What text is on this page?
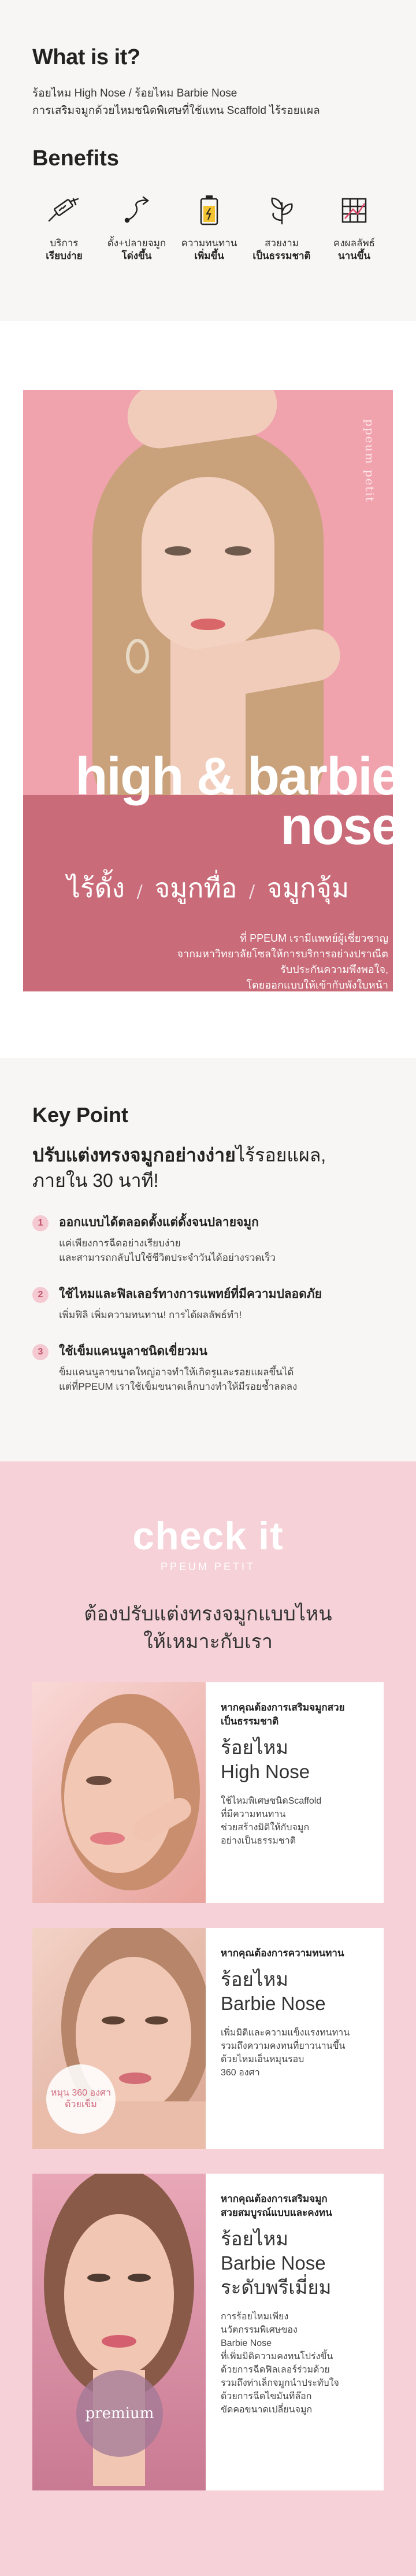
What is it?

ร้อยไหม High Nose / ร้อยไหม Barbie Nose
การเสริมจมูกด้วยไหมชนิดพิเศษที่ใช้แทน Scaffold ไร้รอยแผล

Benefits
บริการ
เรียบง่าย
ดั้ง+ปลายจมูก
โด่งขึ้น
ความทนทาน
เพิ่มขึ้น
สวยงาม
เป็นธรรมชาติ
คงผลลัพธ์
นานขึ้น
ppeum petit
high & barbie
nose
ไร้ดั้ง / จมูกทื่อ / จมูกจุ้ม
ที่ PPEUM เรามีแพทย์ผู้เชี่ยวชาญ
จากมหาวิทยาลัยโซลให้การบริการอย่างปราณีต
รับประกันความพึงพอใจ,
โดยออกแบบให้เข้ากับพังใบหน้า
Key Point

ปรับแต่งทรงจมูกอย่างง่ายไร้รอยแผล,
ภายใน 30 นาที!

1	ออกแบบได้ตลอดตั้งแต่ดั้งจนปลายจมูก
แค่เพียงการฉีดอย่างเรียบง่าย
และสามารถกลับไปใช้ชีวิตประจำวันได้อย่างรวดเร็ว
2	ใช้ไหมและฟิลเลอร์ทางการแพทย์ที่มีความปลอดภัย
เพิ่มฟิลิ เพิ่มความทนทาน! การได้ผลลัพธ์ทำ!
3	ใช้เข็มแคนนูลาชนิดเขี่ยวมน
ข็มแคนนูลาขนาดใหญ่อาจทำให้เกิดรูและรอยแผลขึ้นได้
แต่ที่PPEUM เราใช้เข็มขนาดเล็กบางทำให้มีรอยช้ำลดลง
check it
PPEUM PETIT
ต้องปรับแต่งทรงจมูกแบบไหน
ให้เหมาะกับเรา
หากคุณต้องการเสริมจมูกสวย
เป็นธรรมชาติ
ร้อยไหม
High Nose
ใช้ไหมพิเศษชนิดScaffold
ที่มีความทนทาน
ช่วยสร้างมิติให้กับจมูก
อย่างเป็นธรรมชาติ
หมุน 360 องศา ด้วยเข็ม
หากคุณต้องการความทนทาน
ร้อยไหม
Barbie Nose
เพิ่มมิติและความแข็งแรงทนทาน
รวมถึงความคงทนที่ยาวนานขึ้น
ด้วยไหมเอ็นหมุนรอบ
360 องศา
premium
หากคุณต้องการเสริมจมูก
สวยสมบูรณ์แบบและคงทน
ร้อยไหม
Barbie Nose
ระดับพรีเมี่ยม
การร้อยไหมเพียง
นวัตกรรมพิเศษของ
Barbie Nose
ที่เพิ่มมิติความคงทนโปร่งขึ้น
ด้วยการฉีดฟิลเลอร์ร่วมด้วย
รวมถึงท่าเล็กจมูกนำประทับใจ
ด้วยการฉีดไขมันทีล๊อก
ขัดคอขนาดเปลี่ยนจมูก
